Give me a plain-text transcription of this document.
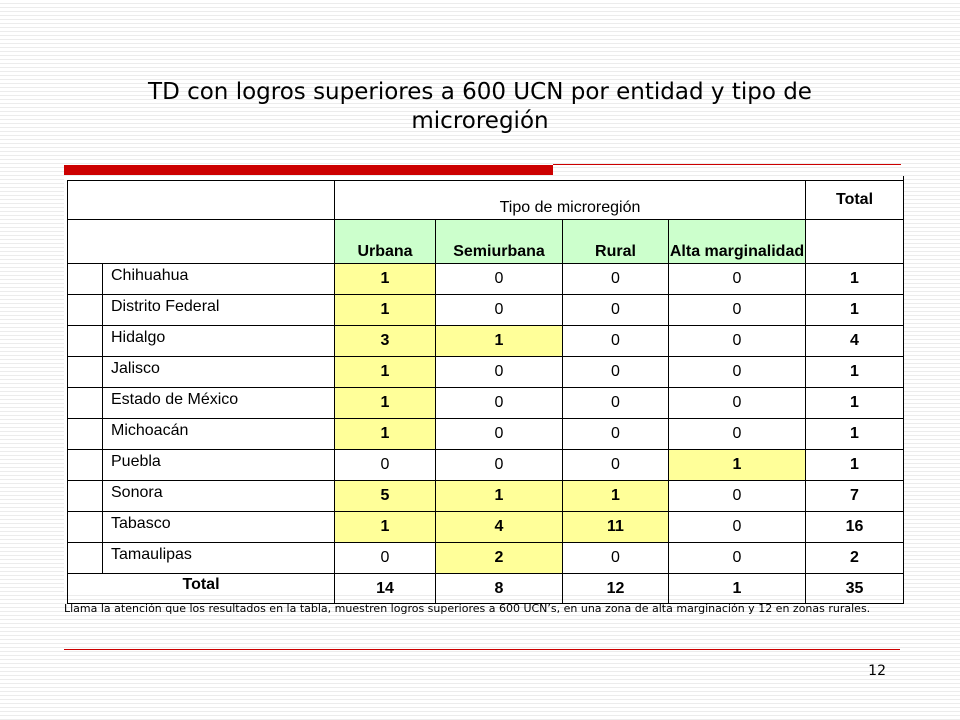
TD con logros superiores a 600 UCN por entidad y tipo de microregión
		Tipo de microregión				Total
		Urbana	Semiurbana	Rural	Alta marginalidad	
	Chihuahua	1	0	0	0	1
	Distrito Federal	1	0	0	0	1
	Hidalgo	3	1	0	0	4
	Jalisco	1	0	0	0	1
	Estado de México	1	0	0	0	1
	Michoacán	1	0	0	0	1
	Puebla	0	0	0	1	1
	Sonora	5	1	1	0	7
	Tabasco	1	4	11	0	16
	Tamaulipas	0	2	0	0	2
Total		14	8	12	1	35

Llama la atención que los resultados en la tabla, muestren logros superiores a 600 UCN’s, en una zona de alta marginación y 12 en zonas rurales.

12
